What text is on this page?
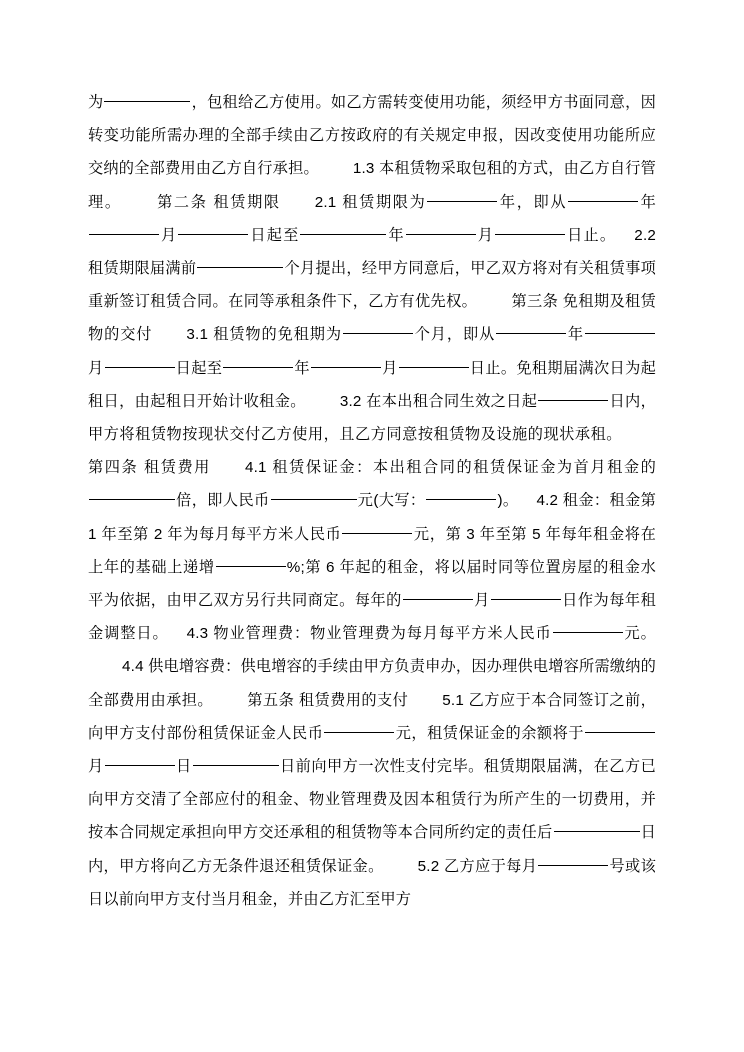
为	，包租给乙方使用。如乙方需转变使用功能，须经甲方书面同意，因转变功能所需办理的全部手续由乙方按政府的有关规定申报，因改变使用功能所应交纳的全部费用由乙方自行承担。 1.3 本租赁物采取包租的方式，由乙方自行管理。 第二条 租赁期限 2.1 租赁期限为	年，即从	年 月	日起至	年	月	日止。 2.2 租赁期限届满前	个月提出，经甲方同意后，甲乙双方将对有关租赁事项重新签订租赁合同。在同等承租条件下，乙方有优先权。 第三条 免租期及租赁物的交付 3.1 租赁物的免租期为	个月，即从	年 月	日起至	年	月	日止。免租期届满次日为起租日，由起租日开始计收租金。 3.2 在本出租合同生效之日起	日内，甲方将租赁物按现状交付乙方使用，且乙方同意按租赁物及设施的现状承租。 第四条 租赁费用 4.1 租赁保证金：本出租合同的租赁保证金为首月租金的 倍，即人民币	元(大写：	)。 4.2 租金：租金第 1 年至第 2 年为每月每平方米人民币	元，第 3 年至第 5 年每年租金将在上年的基础上递增	%;第 6 年起的租金，将以届时同等位置房屋的租金水平为依据，由甲乙双方另行共同商定。每年的	月	日作为每年租金调整日。 4.3 物业管理费：物业管理费为每月每平方米人民币	元。 4.4 供电增容费：供电增容的手续由甲方负责申办，因办理供电增容所需缴纳的全部费用由承担。 第五条 租赁费用的支付 5.1 乙方应于本合同签订之前，向甲方支付部份租赁保证金人民币	元，租赁保证金的余额将于 月	日	日前向甲方一次性支付完毕。租赁期限届满，在乙方已向甲方交清了全部应付的租金、物业管理费及因本租赁行为所产生的一切费用，并按本合同规定承担向甲方交还承租的租赁物等本合同所约定的责任后	日内，甲方将向乙方无条件退还租赁保证金。 5.2 乙方应于每月	号或该日以前向甲方支付当月租金，并由乙方汇至甲方
